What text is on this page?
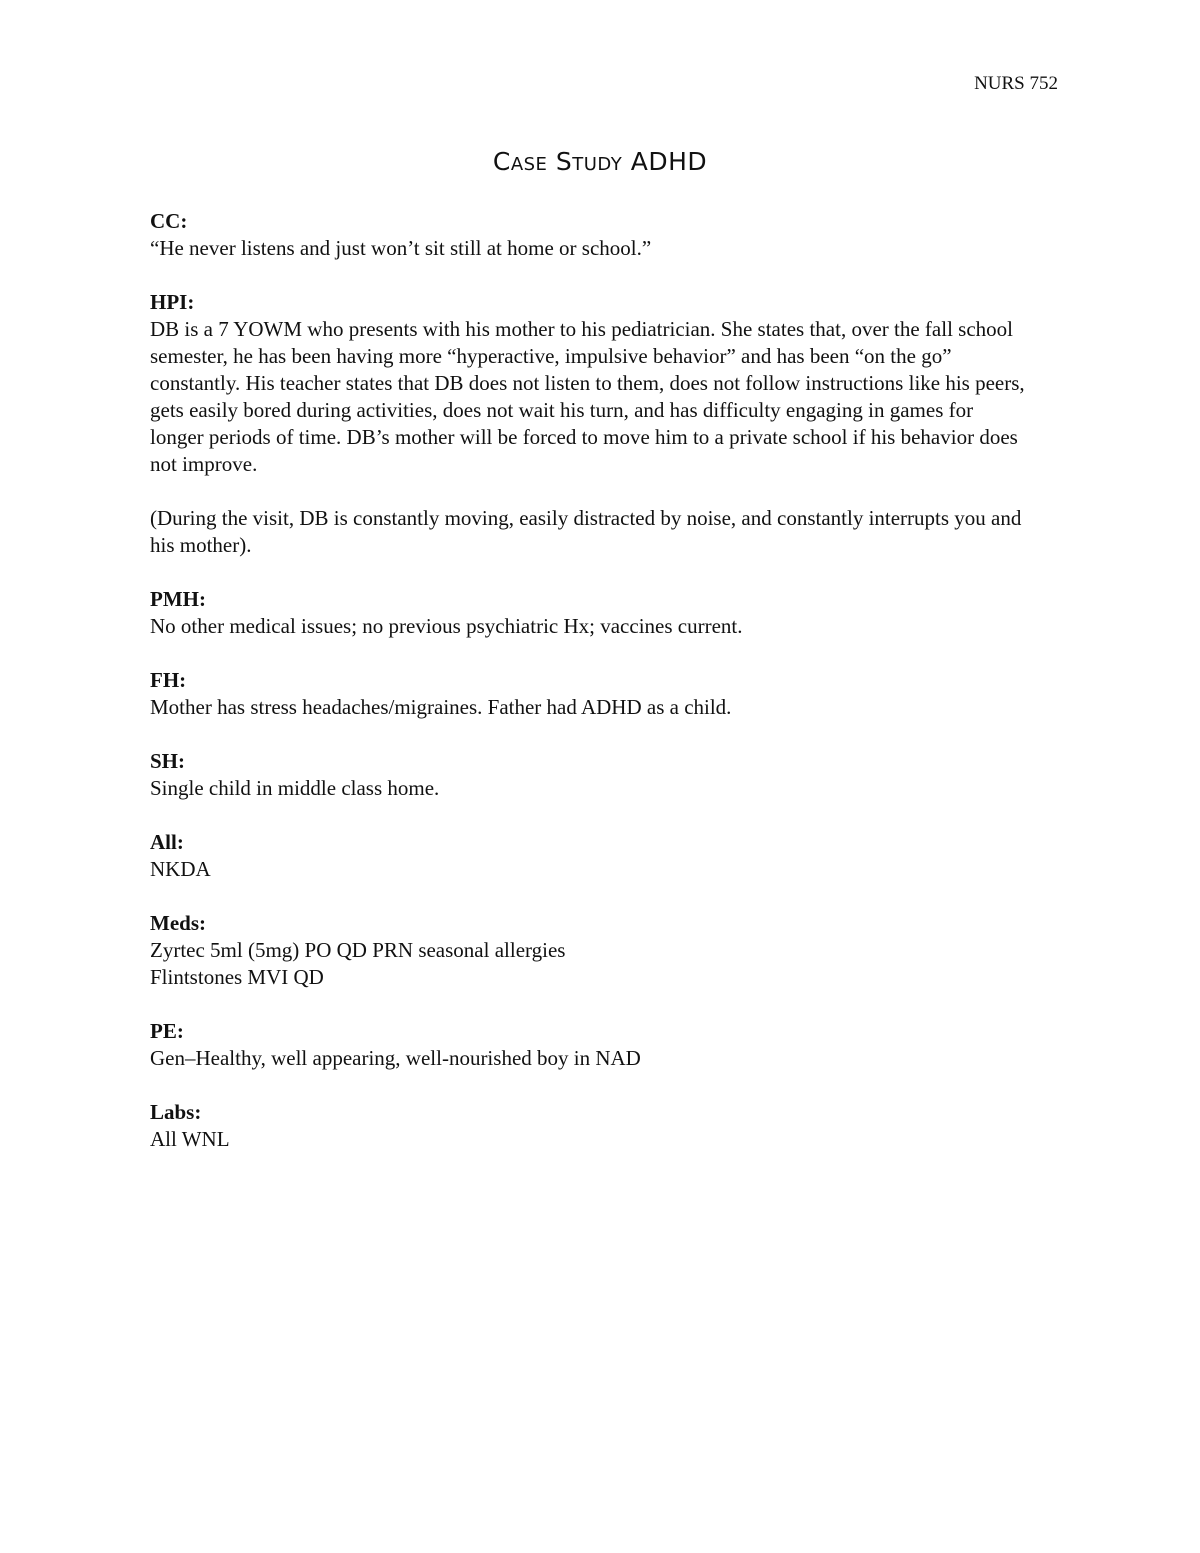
NURS 752
Case Study ADHD
CC:
“He never listens and just won’t sit still at home or school.”
HPI:

DB is a 7 YOWM who presents with his mother to his pediatrician. She states that, over the fall school semester, he has been having more “hyperactive, impulsive behavior” and has been “on the go” constantly. His teacher states that DB does not listen to them, does not follow instructions like his peers, gets easily bored during activities, does not wait his turn, and has difficulty engaging in games for longer periods of time. DB’s mother will be forced to move him to a private school if his behavior does not improve.

(During the visit, DB is constantly moving, easily distracted by noise, and constantly interrupts you and his mother).

PMH:
No other medical issues; no previous psychiatric Hx; vaccines current.
FH:
Mother has stress headaches/migraines. Father had ADHD as a child.
SH:
Single child in middle class home.
All:
NKDA
Meds:
Zyrtec 5ml (5mg) PO QD PRN seasonal allergies
Flintstones MVI QD
PE:
Gen–Healthy, well appearing, well-nourished boy in NAD
Labs:
All WNL
